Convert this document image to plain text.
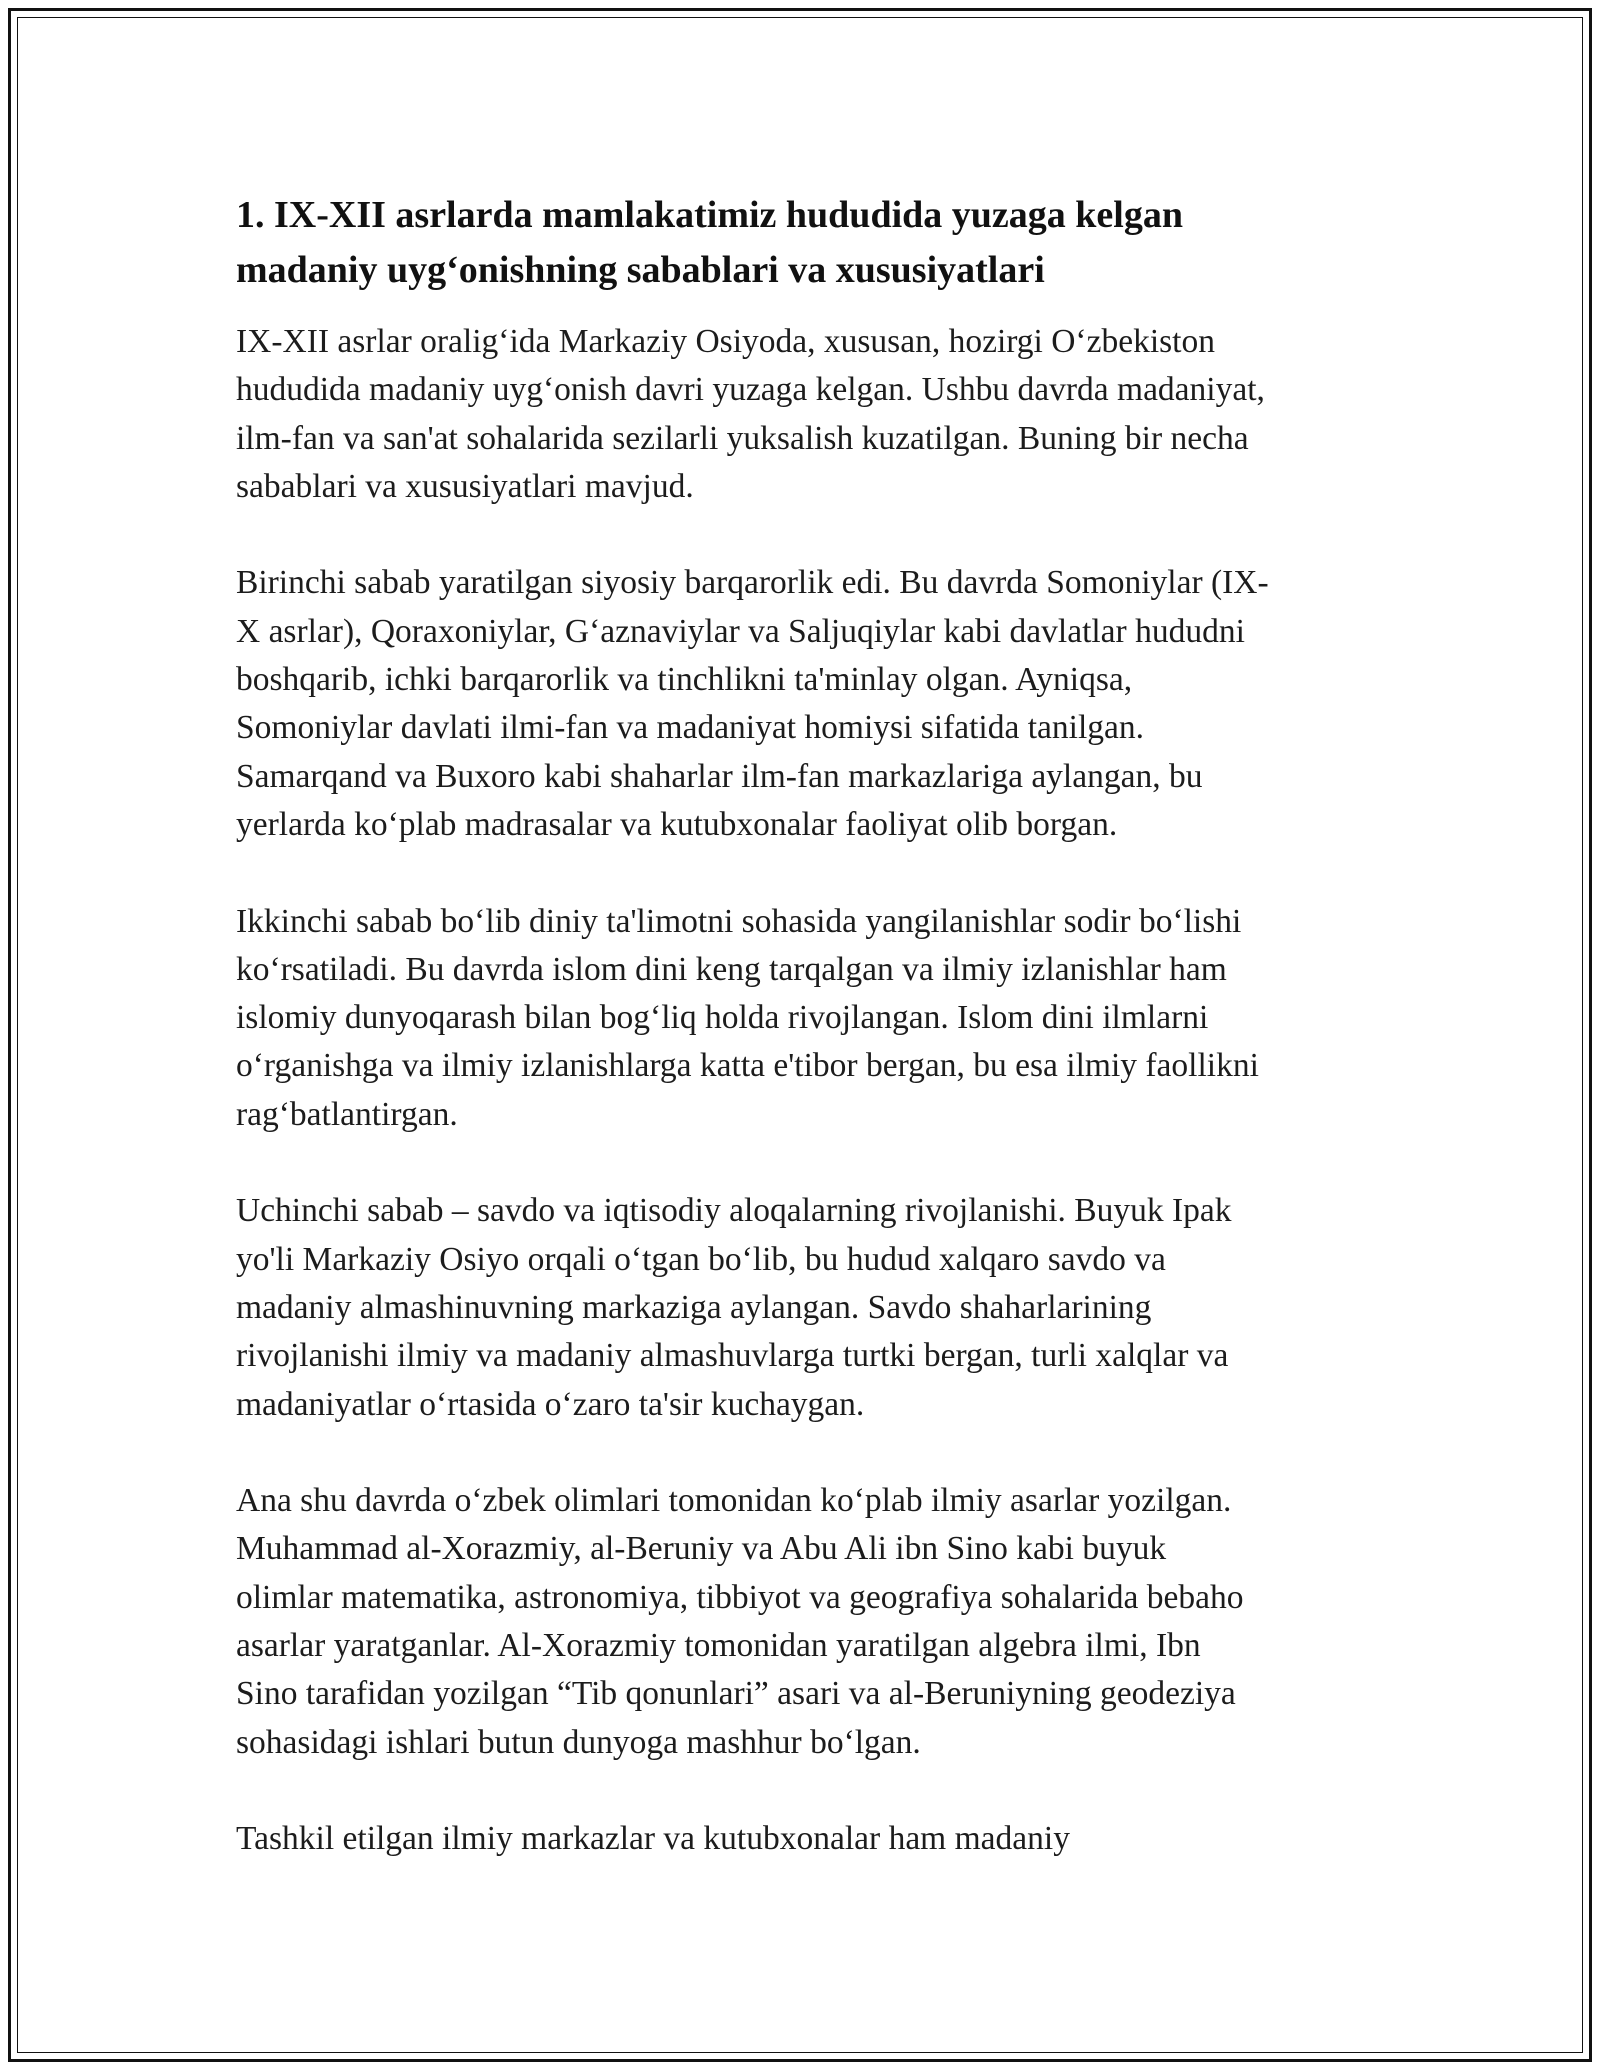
1. IX-XII asrlarda mamlakatimiz hududida yuzaga kelgan
madaniy uyg‘onishning sabablari va xususiyatlari

IX-XII asrlar oralig‘ida Markaziy Osiyoda, xususan, hozirgi O‘zbekiston
hududida madaniy uyg‘onish davri yuzaga kelgan. Ushbu davrda madaniyat,
ilm-fan va san'at sohalarida sezilarli yuksalish kuzatilgan. Buning bir necha
sabablari va xususiyatlari mavjud.

Birinchi sabab yaratilgan siyosiy barqarorlik edi. Bu davrda Somoniylar (IX-
X asrlar), Qoraxoniylar, G‘aznaviylar va Saljuqiylar kabi davlatlar hududni
boshqarib, ichki barqarorlik va tinchlikni ta'minlay olgan. Ayniqsa,
Somoniylar davlati ilmi-fan va madaniyat homiysi sifatida tanilgan.
Samarqand va Buxoro kabi shaharlar ilm-fan markazlariga aylangan, bu
yerlarda ko‘plab madrasalar va kutubxonalar faoliyat olib borgan.

Ikkinchi sabab bo‘lib diniy ta'limotni sohasida yangilanishlar sodir bo‘lishi
ko‘rsatiladi. Bu davrda islom dini keng tarqalgan va ilmiy izlanishlar ham
islomiy dunyoqarash bilan bog‘liq holda rivojlangan. Islom dini ilmlarni
o‘rganishga va ilmiy izlanishlarga katta e'tibor bergan, bu esa ilmiy faollikni
rag‘batlantirgan.

Uchinchi sabab – savdo va iqtisodiy aloqalarning rivojlanishi. Buyuk Ipak
yo'li Markaziy Osiyo orqali o‘tgan bo‘lib, bu hudud xalqaro savdo va
madaniy almashinuvning markaziga aylangan. Savdo shaharlarining
rivojlanishi ilmiy va madaniy almashuvlarga turtki bergan, turli xalqlar va
madaniyatlar o‘rtasida o‘zaro ta'sir kuchaygan.

Ana shu davrda o‘zbek olimlari tomonidan ko‘plab ilmiy asarlar yozilgan.
Muhammad al-Xorazmiy, al-Beruniy va Abu Ali ibn Sino kabi buyuk
olimlar matematika, astronomiya, tibbiyot va geografiya sohalarida bebaho
asarlar yaratganlar. Al-Xorazmiy tomonidan yaratilgan algebra ilmi, Ibn
Sino tarafidan yozilgan “Tib qonunlari” asari va al-Beruniyning geodeziya
sohasidagi ishlari butun dunyoga mashhur bo‘lgan.

Tashkil etilgan ilmiy markazlar va kutubxonalar ham madaniy
